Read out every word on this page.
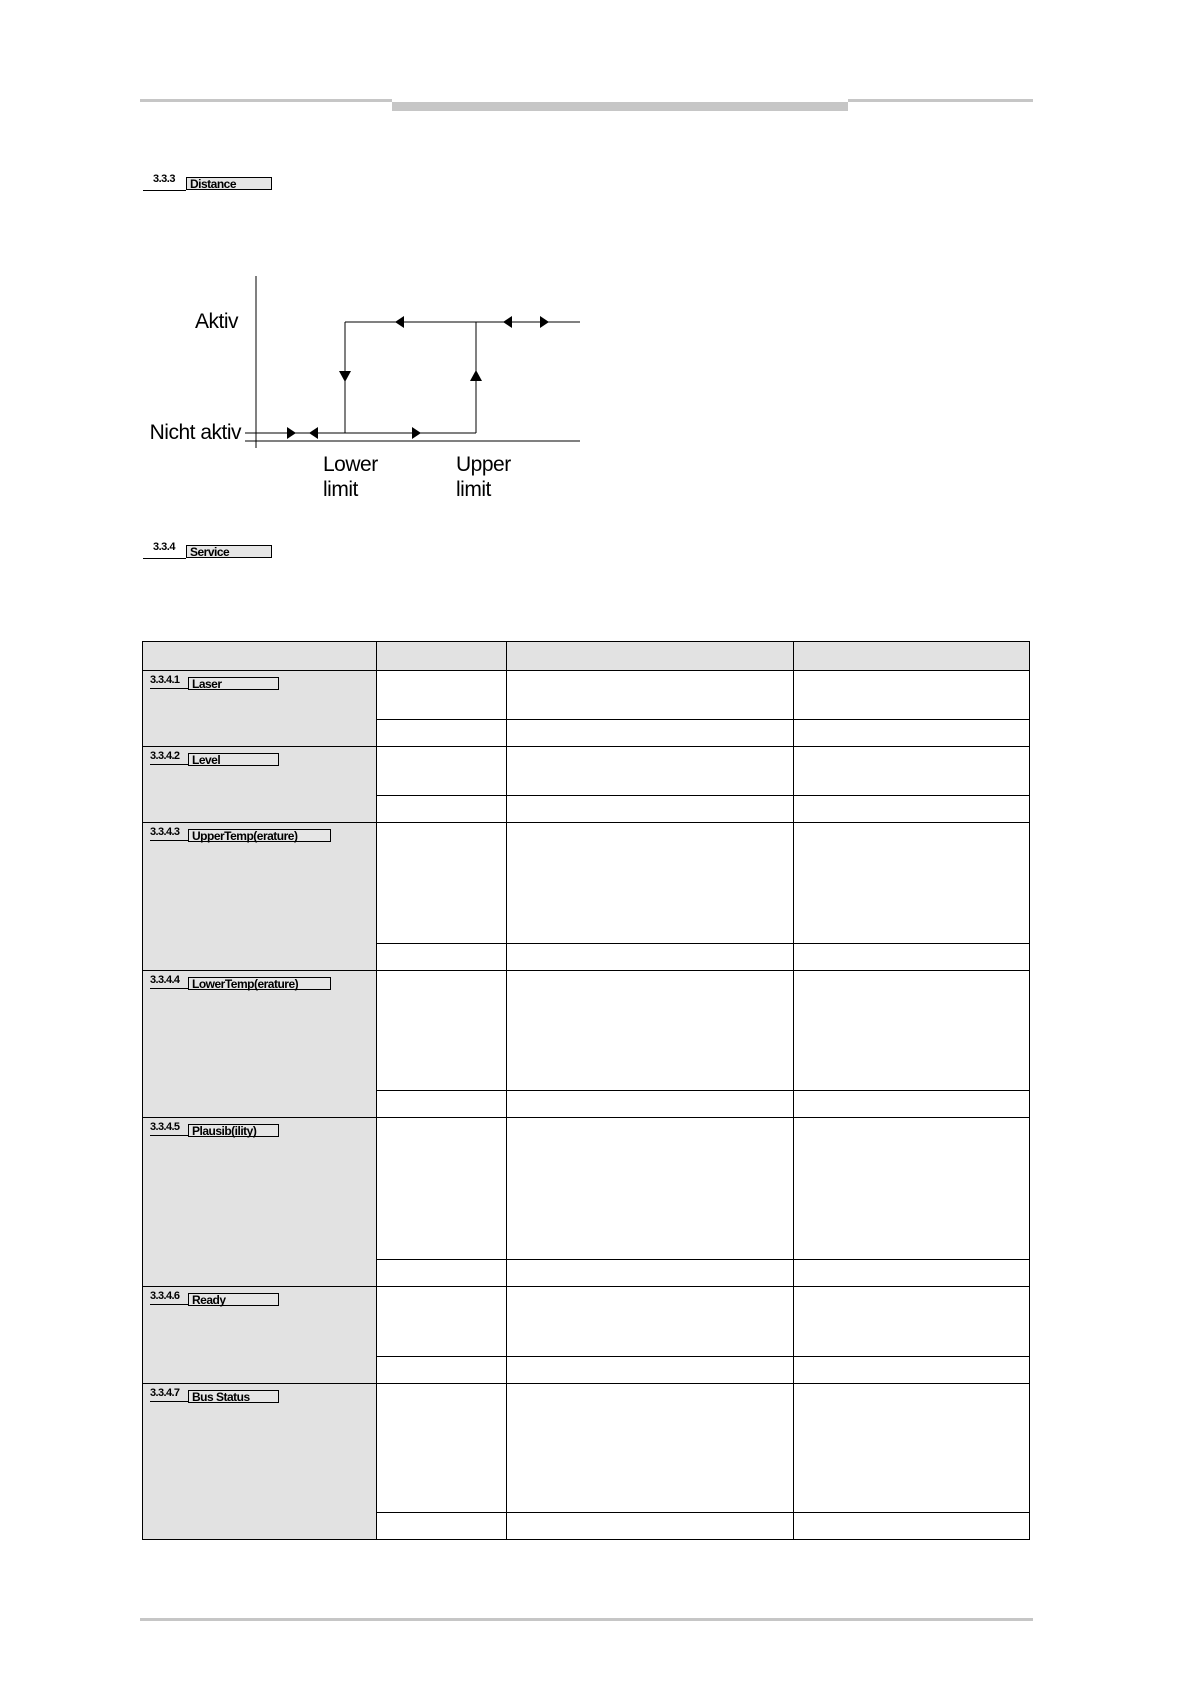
3.3.3	Distance
Aktiv
Nicht aktiv
Lower
limit
Upper
limit
3.3.4	Service

3.3.4.1 Laser			

3.3.4.2 Level			

3.3.4.3 UpperTemp(erature)			

3.3.4.4 LowerTemp(erature)			

3.3.4.5 Plausib(ility)			

3.3.4.6 Ready			

3.3.4.7 Bus Status			
